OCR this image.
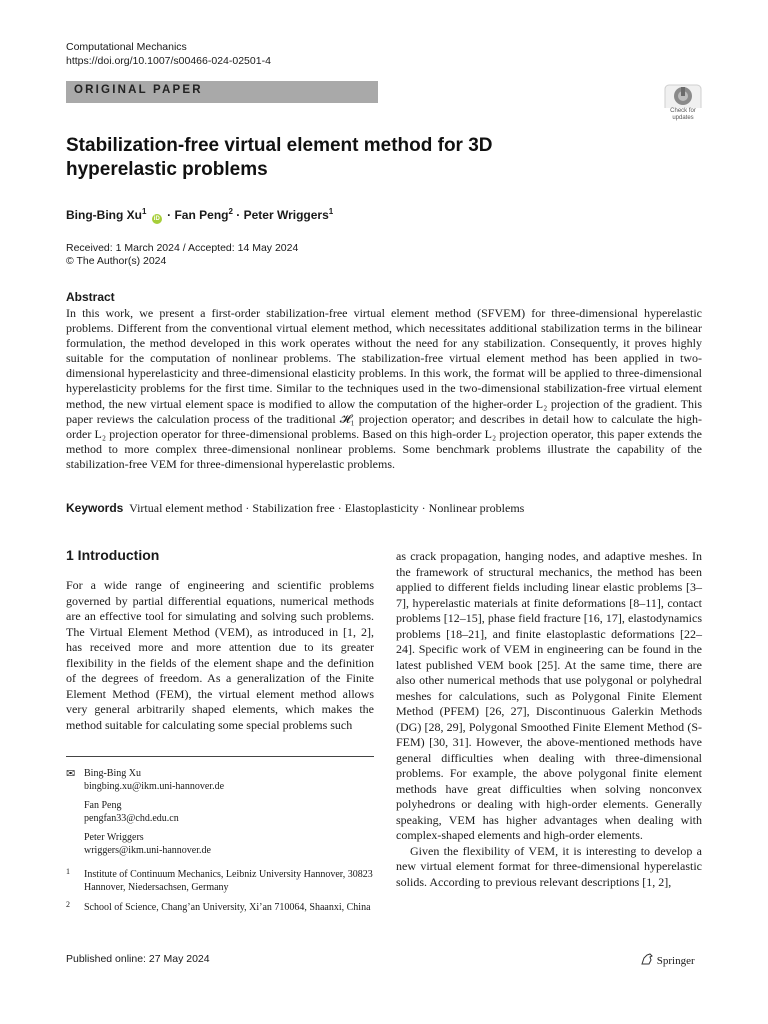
Computational Mechanics
https://doi.org/10.1007/s00466-024-02501-4
ORIGINAL PAPER
Check for updates
Stabilization-free virtual element method for 3D hyperelastic problems
Bing-Bing Xu$^1$ iD · Fan Peng$^2$ · Peter Wriggers$^1$
Received: 1 March 2024 / Accepted: 14 May 2024
© The Author(s) 2024
Abstract
In this work, we present a first-order stabilization-free virtual element method (SFVEM) for three-dimensional hyperelastic problems. Different from the conventional virtual element method, which necessitates additional stabilization terms in the bilinear formulation, the method developed in this work operates without the need for any stabilization. Consequently, it proves highly suitable for the computation of nonlinear problems. The stabilization-free virtual element method has been applied in two-dimensional hyperelasticity and three-dimensional elasticity problems. In this work, the format will be applied to three-dimensional hyperelasticity problems for the first time. Similar to the techniques used in the two-dimensional stabilization-free virtual element method, the new virtual element space is modified to allow the computation of the higher-order L₂ projection of the gradient. This paper reviews the calculation process of the traditional 𝓗₁ projection operator; and describes in detail how to calculate the high-order L₂ projection operator for three-dimensional problems. Based on this high-order L₂ projection operator, this paper extends the method to more complex three-dimensional nonlinear problems. Some benchmark problems illustrate the capability of the stabilization-free VEM for three-dimensional hyperelastic problems.
Keywords Virtual element method · Stabilization free · Elastoplasticity · Nonlinear problems
1 Introduction

For a wide range of engineering and scientific problems governed by partial differential equations, numerical methods are an effective tool for simulating and solving such problems. The Virtual Element Method (VEM), as introduced in [1, 2], has received more and more attention due to its greater flexibility in the fields of the element shape and the definition of the degrees of freedom. As a generalization of the Finite Element Method (FEM), the virtual element method allows very general arbitrarily shaped elements, which makes the method suitable for calculating some special problems such

as crack propagation, hanging nodes, and adaptive meshes. In the framework of structural mechanics, the method has been applied to different fields including linear elastic problems [3–7], hyperelastic materials at finite deformations [8–11], contact problems [12–15], phase field fracture [16, 17], elastodynamics problems [18–21], and finite elastoplastic deformations [22–24]. Specific work of VEM in engineering can be found in the latest published VEM book [25]. At the same time, there are also other numerical methods that use polygonal or polyhedral meshes for calculations, such as Polygonal Finite Element Method (PFEM) [26, 27], Discontinuous Galerkin Methods (DG) [28, 29], Polygonal Smoothed Finite Element Method (S-FEM) [30, 31]. However, the above-mentioned methods have general difficulties when dealing with three-dimensional problems. For example, the above polygonal finite element methods have great difficulties when solving nonconvex polyhedrons or dealing with high-order elements. Generally speaking, VEM has higher advantages when dealing with complex-shaped elements and high-order elements.

Given the flexibility of VEM, it is interesting to develop a new virtual element format for three-dimensional hyperelastic solids. According to previous relevant descriptions [1, 2],

✉ Bing-Bing Xu
bingbing.xu@ikm.uni-hannover.de
Fan Peng
pengfan33@chd.edu.cn
Peter Wriggers
wriggers@ikm.uni-hannover.de
1 Institute of Continuum Mechanics, Leibniz University Hannover, 30823 Hannover, Niedersachsen, Germany
2 School of Science, Chang’an University, Xi’an 710064, Shaanxi, China
Published online: 27 May 2024	Springer
